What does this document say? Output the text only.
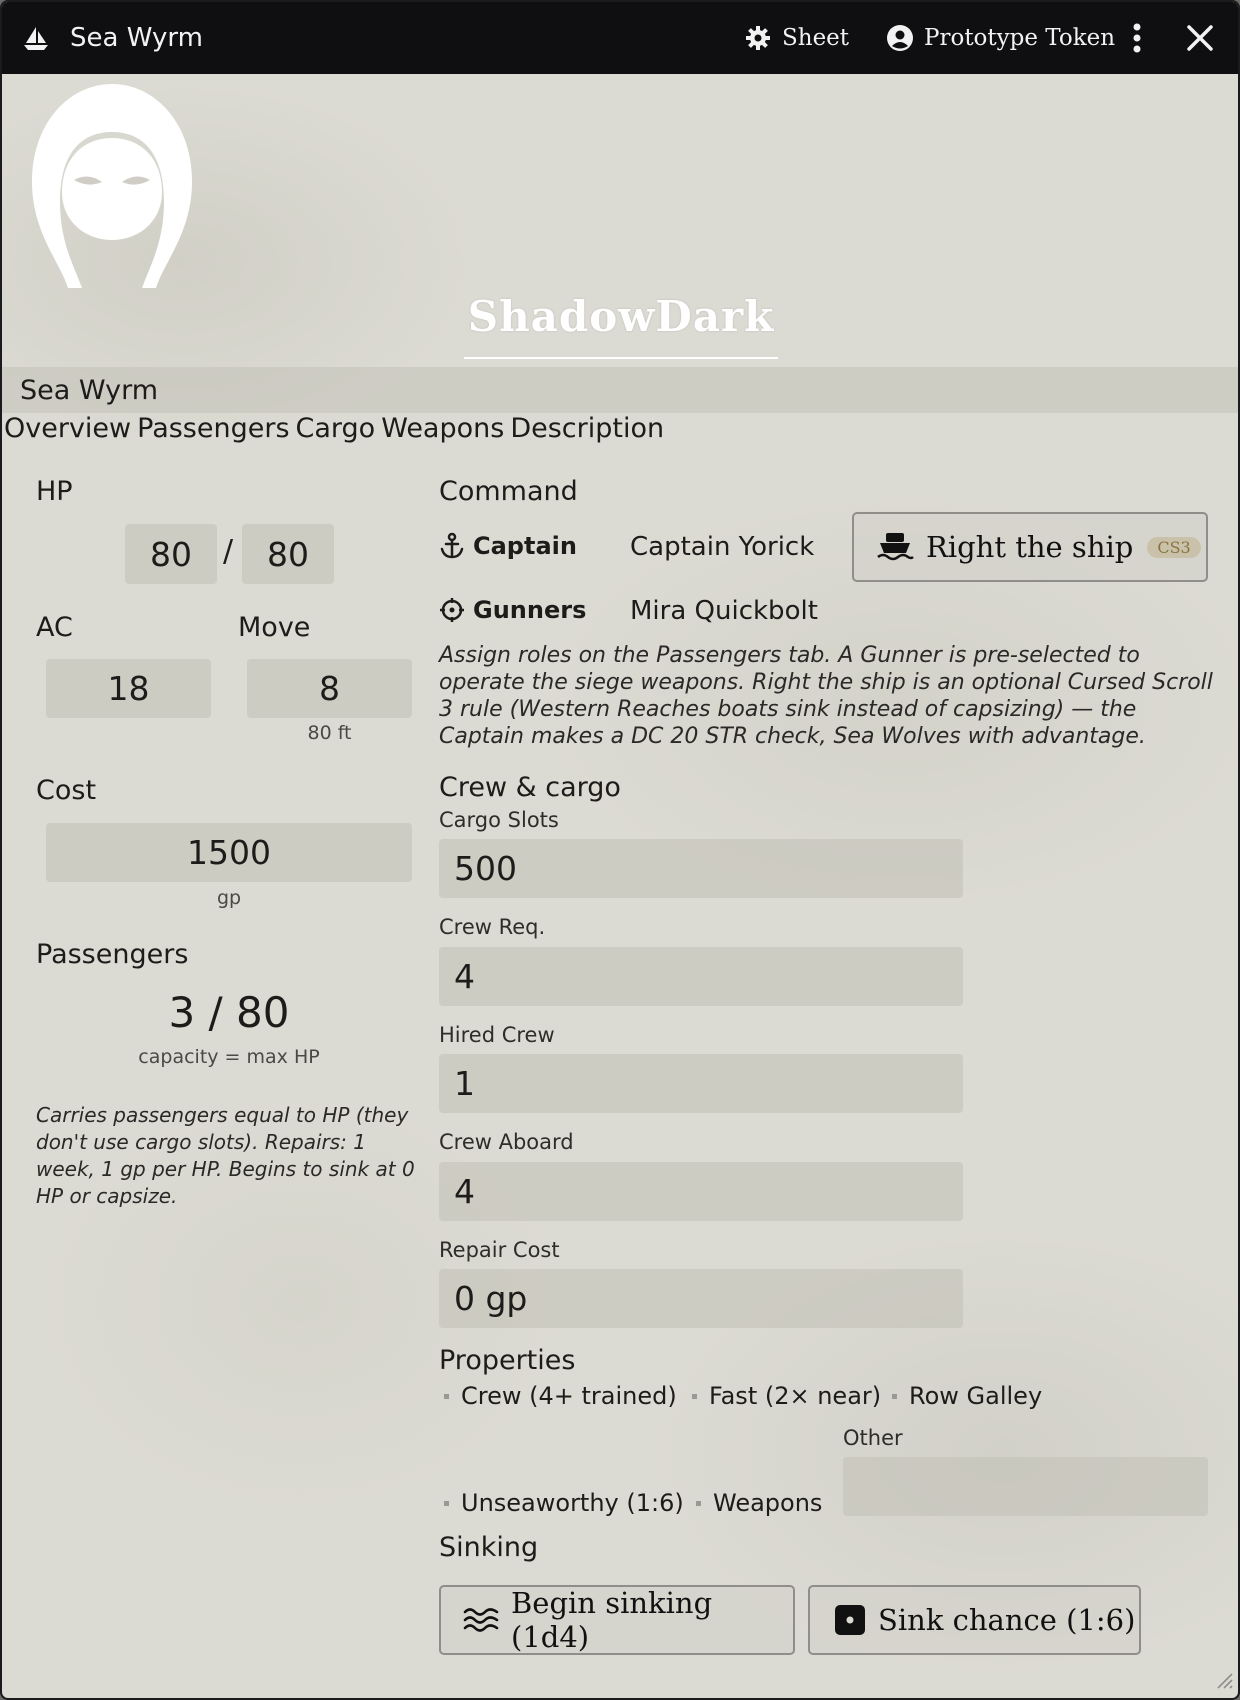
Sea Wyrm	Sheet	Prototype Token
ShadowDark
Sea Wyrm
Overview Passengers Cargo Weapons Description
HP
80	/	80
AC
18
Move
8
80 ft
Cost
1500
gp
Passengers
3 / 80
capacity = max HP
Carries passengers equal to HP (they don't use cargo slots). Repairs: 1 week, 1 gp per HP. Begins to sink at 0 HP or capsize.
Command
Captain Captain Yorick	Right the ship	CS3
Gunners Mira Quickbolt
Assign roles on the Passengers tab. A Gunner is pre-selected to operate the siege weapons. Right the ship is an optional Cursed Scroll 3 rule (Western Reaches boats sink instead of capsizing) — the Captain makes a DC 20 STR check, Sea Wolves with advantage.
Crew & cargo
Cargo Slots
500
Crew Req.
4
Hired Crew
1
Crew Aboard
4
Repair Cost
0 gp
Properties
Crew (4+ trained) Fast (2× near) Row Galley
Other
Unseaworthy (1:6) Weapons
Sinking
Begin sinking (1d4)	Sink chance (1:6)
